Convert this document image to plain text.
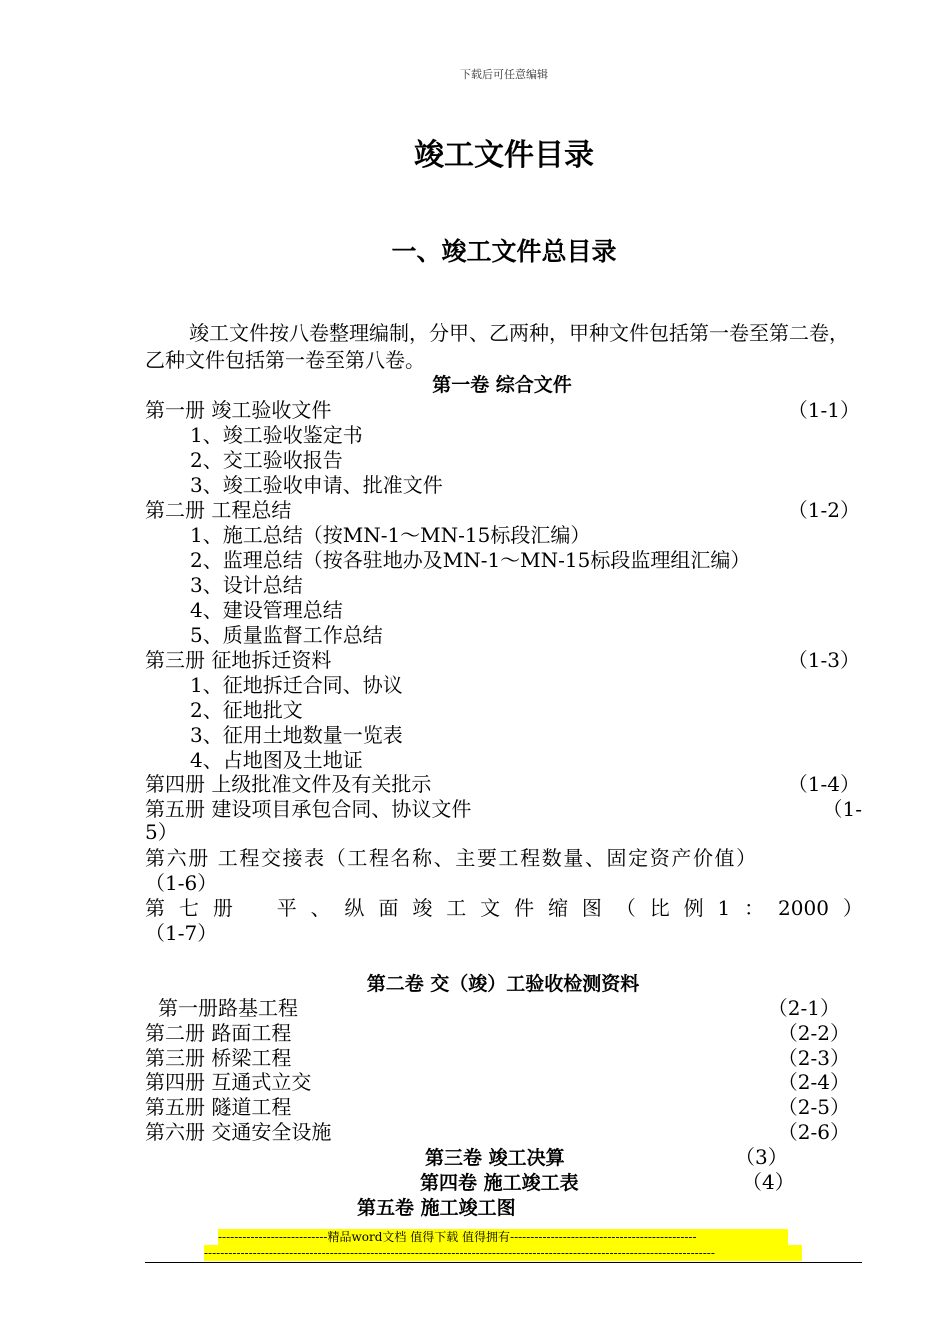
下载后可任意编辑
竣工文件目录
一、竣工文件总目录
竣工文件按八卷整理编制，分甲、乙两种，甲种文件包括第一卷至第二卷，乙种文件包括第一卷至第八卷。
第一卷 综合文件
第一册 竣工验收文件	（1-1）
1、竣工验收鉴定书
2、交工验收报告
3、竣工验收申请、批准文件
第二册 工程总结	（1-2）
1、施工总结（按MN-1～MN-15标段汇编）
2、监理总结（按各驻地办及MN-1～MN-15标段监理组汇编）
3、设计总结
4、建设管理总结
5、质量监督工作总结
第三册 征地拆迁资料	（1-3）
1、征地拆迁合同、协议
2、征地批文
3、征用土地数量一览表
4、占地图及土地证
第四册 上级批准文件及有关批示	（1-4）
第五册 建设项目承包合同、协议文件	（1-
5）
第六册 工程交接表（工程名称、主要工程数量、固定资产价值）
（1-6）
第 七 册 平 、 纵 面 竣 工 文 件 缩 图 （ 比 例 1 ： 2000 ）
（1-7）
第二卷 交（竣）工验收检测资料
第一册路基工程	（2-1）
第二册 路面工程	（2-2）
第三册 桥梁工程	（2-3）
第四册 互通式立交	（2-4）
第五册 隧道工程	（2-5）
第六册 交通安全设施	（2-6）
第三卷 竣工决算	（3）
第四卷 施工竣工表	（4）
第五卷 施工竣工图
---------------------------精品word文档 值得下载 值得拥有----------------------------------------------
------------------------------------------------------------------------------------------------------------------------------
